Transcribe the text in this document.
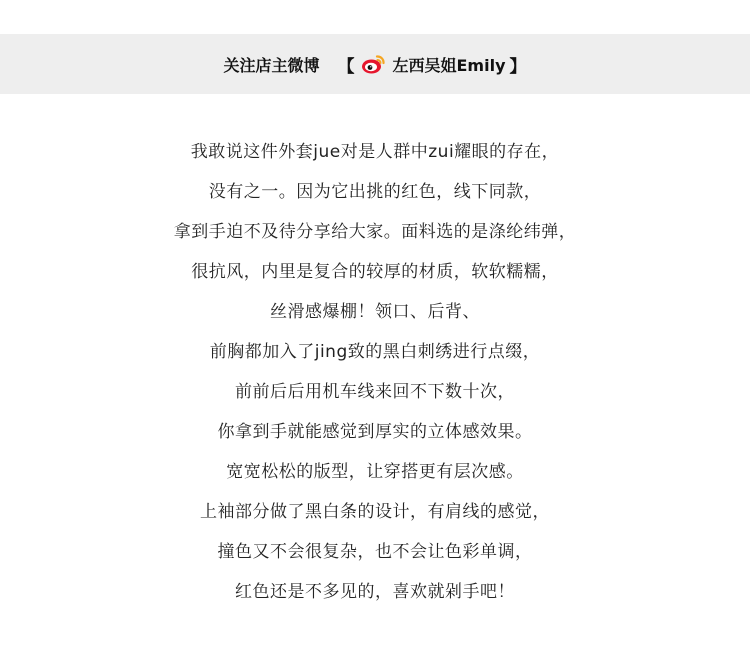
关注店主微博 【 左西吴姐Emily 】
我敢说这件外套jue对是人群中zui耀眼的存在，
没有之一。因为它出挑的红色，线下同款，
拿到手迫不及待分享给大家。面料选的是涤纶纬弹，
很抗风，内里是复合的较厚的材质，软软糯糯，
丝滑感爆棚！领口、后背、
前胸都加入了jing致的黑白刺绣进行点缀，
前前后后用机车线来回不下数十次，
你拿到手就能感觉到厚实的立体感效果。
宽宽松松的版型，让穿搭更有层次感。
上袖部分做了黑白条的设计，有肩线的感觉，
撞色又不会很复杂，也不会让色彩单调，
红色还是不多见的，喜欢就剁手吧！
